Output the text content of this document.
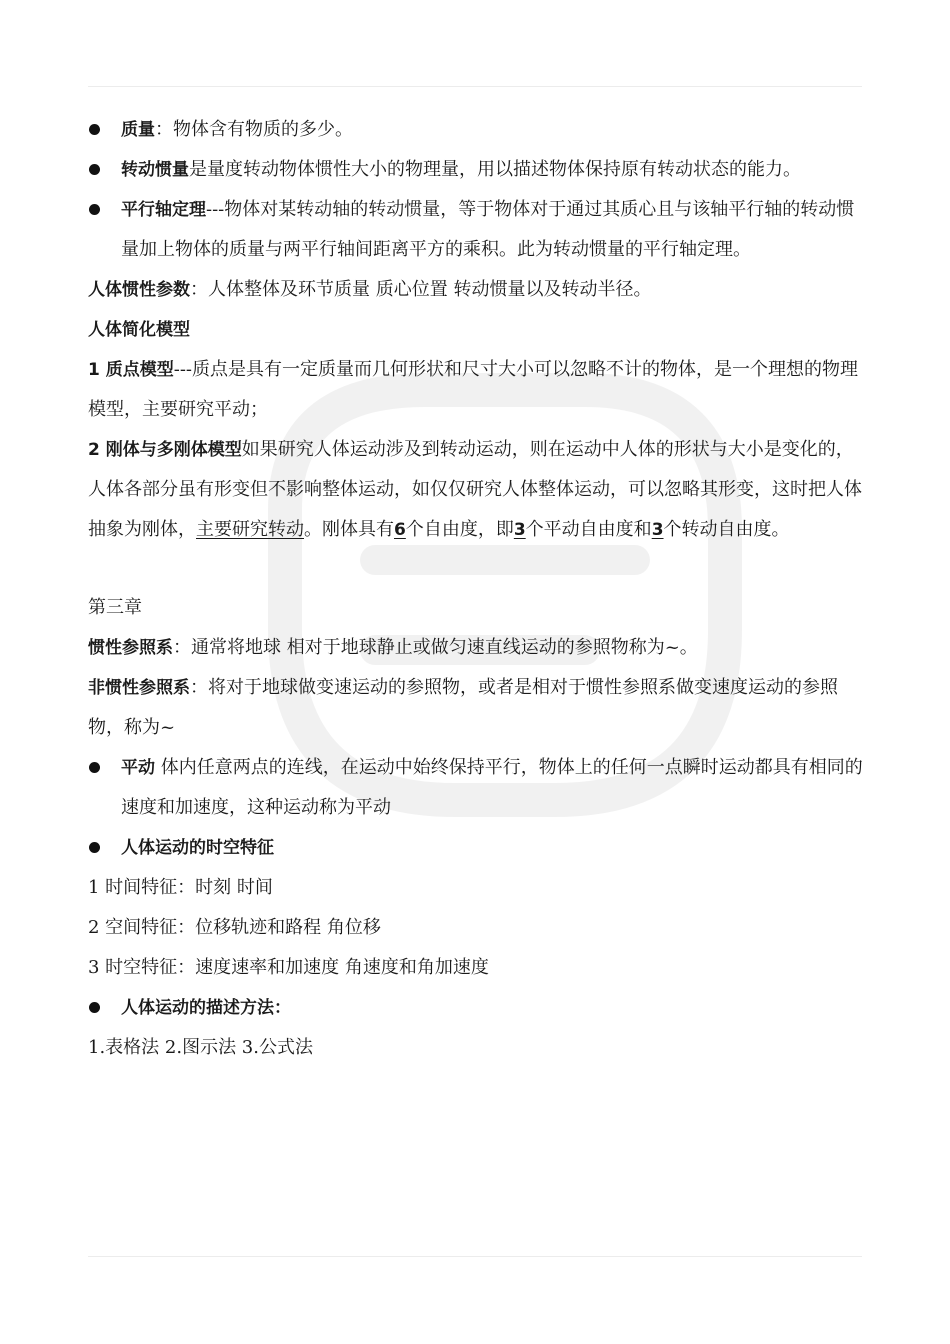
质量：物体含有物质的多少。

转动惯量是量度转动物体惯性大小的物理量，用以描述物体保持原有转动状态的能力。

平行轴定理---物体对某转动轴的转动惯量，等于物体对于通过其质心且与该轴平行轴的转动惯量加上物体的质量与两平行轴间距离平方的乘积。此为转动惯量的平行轴定理。

人体惯性参数：人体整体及环节质量 质心位置 转动惯量以及转动半径。

人体简化模型

1 质点模型---质点是具有一定质量而几何形状和尺寸大小可以忽略不计的物体，是一个理想的物理模型，主要研究平动；

2 刚体与多刚体模型如果研究人体运动涉及到转动运动，则在运动中人体的形状与大小是变化的，人体各部分虽有形变但不影响整体运动，如仅仅研究人体整体运动，可以忽略其形变，这时把人体抽象为刚体，主要研究转动。刚体具有6个自由度，即3个平动自由度和3个转动自由度。

第三章

惯性参照系：通常将地球 相对于地球静止或做匀速直线运动的参照物称为~。

非惯性参照系：将对于地球做变速运动的参照物，或者是相对于惯性参照系做变速度运动的参照物，称为~

平动 体内任意两点的连线，在运动中始终保持平行，物体上的任何一点瞬时运动都具有相同的速度和加速度，这种运动称为平动

人体运动的时空特征

1 时间特征：时刻 时间

2 空间特征：位移轨迹和路程 角位移

3 时空特征：速度速率和加速度 角速度和角加速度

人体运动的描述方法：

1.表格法 2.图示法 3.公式法
